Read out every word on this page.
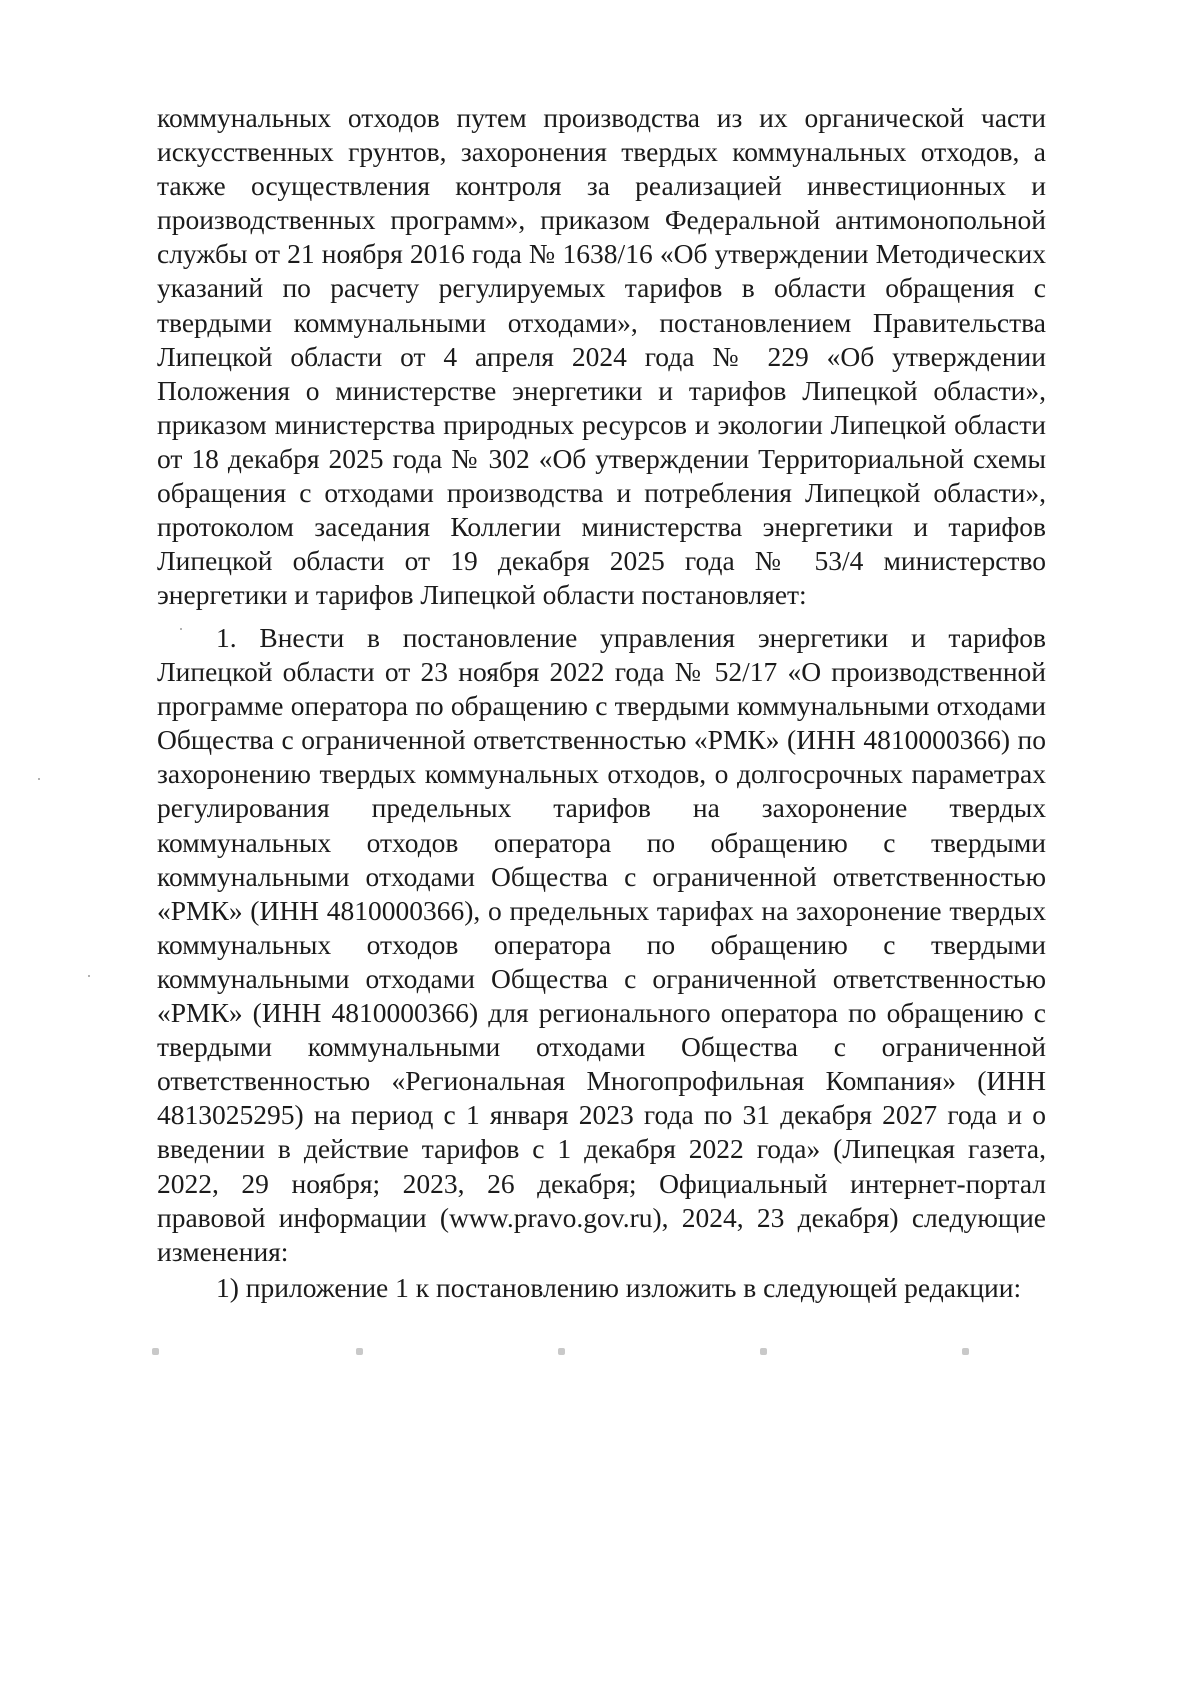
коммунальных отходов путем производства из их органической части искусственных грунтов, захоронения твердых коммунальных отходов, а также осуществления контроля за реализацией инвестиционных и производственных программ», приказом Федеральной антимонопольной службы от 21 ноября 2016 года № 1638/16 «Об утверждении Методических указаний по расчету регулируемых тарифов в области обращения с твердыми коммунальными отходами», постановлением Правительства Липецкой области от 4 апреля 2024 года № 229 «Об утверждении Положения о министерстве энергетики и тарифов Липецкой области», приказом министерства природных ресурсов и экологии Липецкой области от 18 декабря 2025 года № 302 «Об утверждении Территориальной схемы обращения с отходами производства и потребления Липецкой области», протоколом заседания Коллегии министерства энергетики и тарифов Липецкой области от 19 декабря 2025 года № 53/4 министерство энергетики и тарифов Липецкой области постановляет:
1. Внести в постановление управления энергетики и тарифов Липецкой области от 23 ноября 2022 года № 52/17 «О производственной программе оператора по обращению с твердыми коммунальными отходами Общества с ограниченной ответственностью «РМК» (ИНН 4810000366) по захоронению твердых коммунальных отходов, о долгосрочных параметрах регулирования предельных тарифов на захоронение твердых коммунальных отходов оператора по обращению с твердыми коммунальными отходами Общества с ограниченной ответственностью «РМК» (ИНН 4810000366), о предельных тарифах на захоронение твердых коммунальных отходов оператора по обращению с твердыми коммунальными отходами Общества с ограниченной ответственностью «РМК» (ИНН 4810000366) для регионального оператора по обращению с твердыми коммунальными отходами Общества с ограниченной ответственностью «Региональная Многопрофильная Компания» (ИНН 4813025295) на период с 1 января 2023 года по 31 декабря 2027 года и о введении в действие тарифов с 1 декабря 2022 года» (Липецкая газета, 2022, 29 ноября; 2023, 26 декабря; Официальный интернет-портал правовой информации (www.pravo.gov.ru), 2024, 23 декабря) следующие изменения:
1) приложение 1 к постановлению изложить в следующей редакции:
